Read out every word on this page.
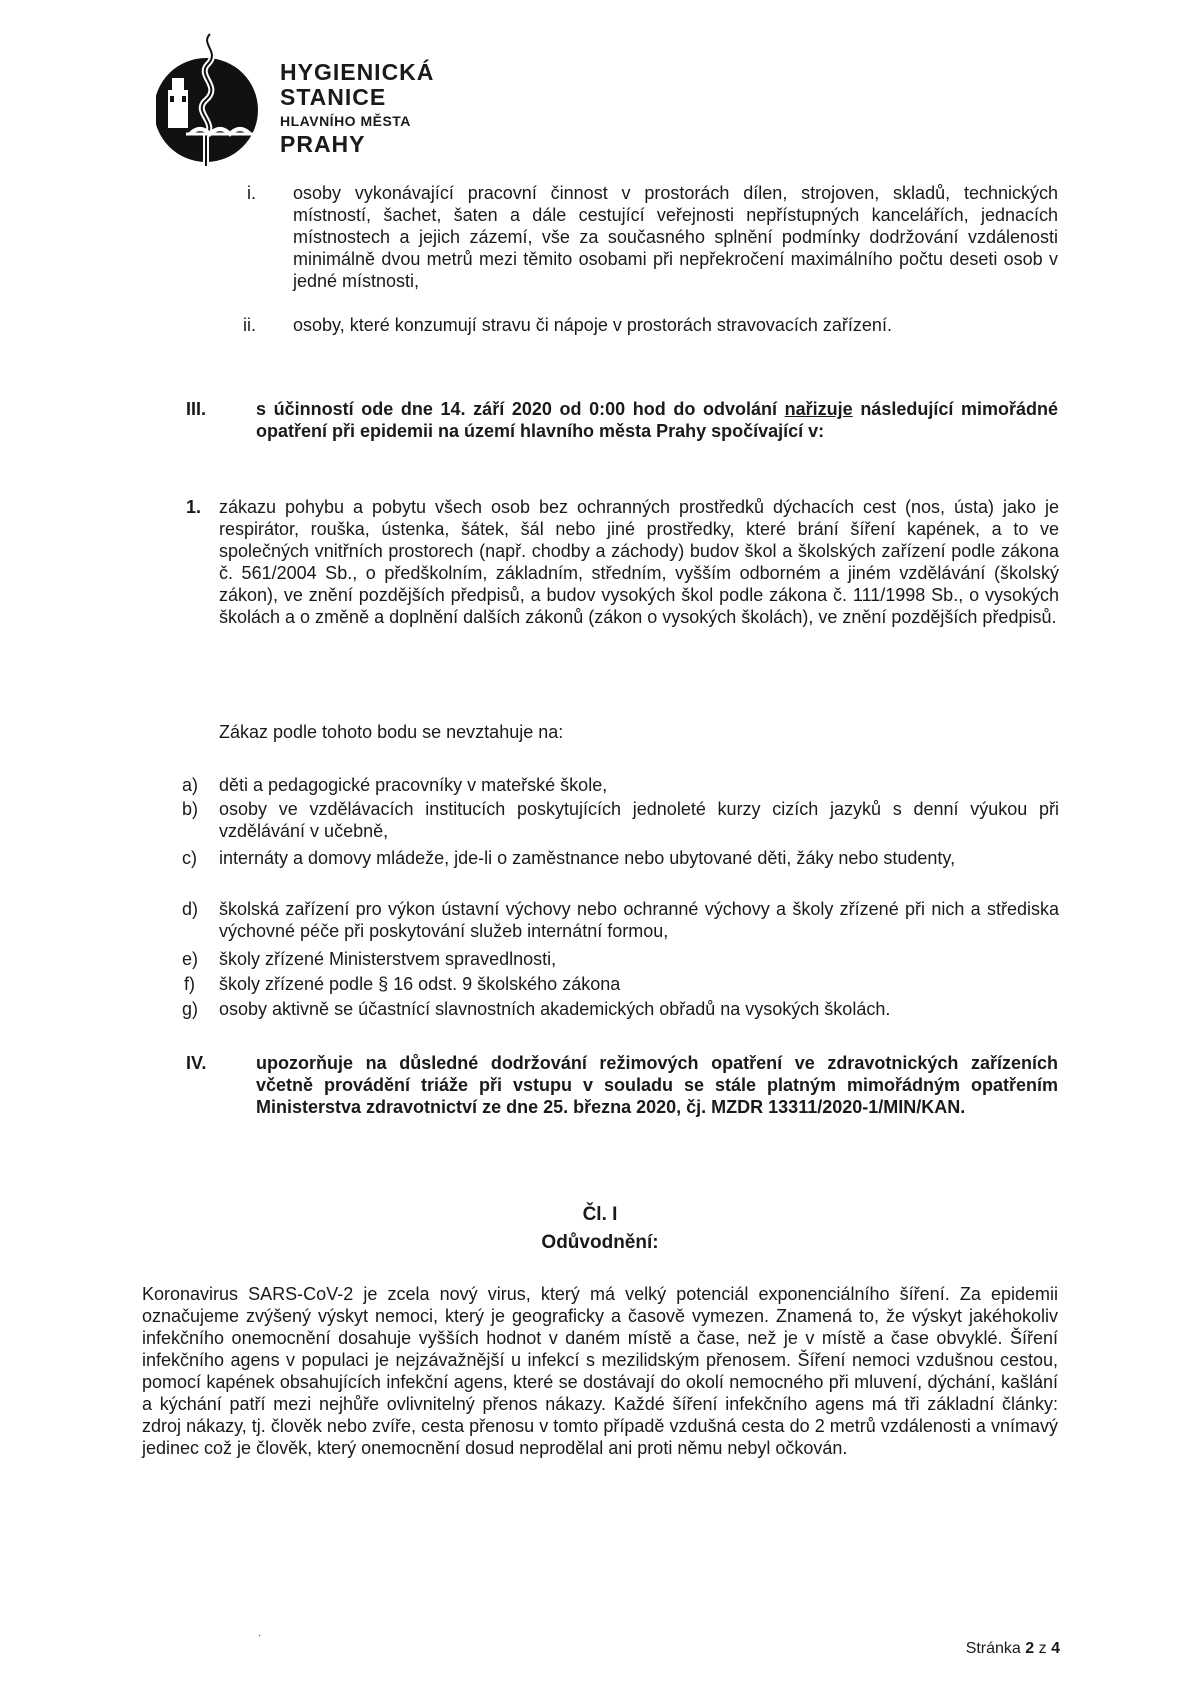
HYGIENICKÁ
STANICE
HLAVNÍHO MĚSTA
PRAHY
i. osoby vykonávající pracovní činnost v prostorách dílen, strojoven, skladů, technických místností, šachet, šaten a dále cestující veřejnosti nepřístupných kancelářích, jednacích místnostech a jejich zázemí, vše za současného splnění podmínky dodržování vzdálenosti minimálně dvou metrů mezi těmito osobami při nepřekročení maximálního počtu deseti osob v jedné místnosti,
ii. osoby, které konzumují stravu či nápoje v prostorách stravovacích zařízení.
III.	s účinností ode dne 14. září 2020 od 0:00 hod do odvolání nařizuje následující mimořádné opatření při epidemii na území hlavního města Prahy spočívající v:
1. zákazu pohybu a pobytu všech osob bez ochranných prostředků dýchacích cest (nos, ústa) jako je respirátor, rouška, ústenka, šátek, šál nebo jiné prostředky, které brání šíření kapének, a to ve společných vnitřních prostorech (např. chodby a záchody) budov škol a školských zařízení podle zákona č. 561/2004 Sb., o předškolním, základním, středním, vyšším odborném a jiném vzdělávání (školský zákon), ve znění pozdějších předpisů, a budov vysokých škol podle zákona č. 111/1998 Sb., o vysokých školách a o změně a doplnění dalších zákonů (zákon o vysokých školách), ve znění pozdějších předpisů.
Zákaz podle tohoto bodu se nevztahuje na:
a) děti a pedagogické pracovníky v mateřské škole,
b) osoby ve vzdělávacích institucích poskytujících jednoleté kurzy cizích jazyků s denní výukou při vzdělávání v učebně,
c) internáty a domovy mládeže, jde-li o zaměstnance nebo ubytované děti, žáky nebo studenty,
d) školská zařízení pro výkon ústavní výchovy nebo ochranné výchovy a školy zřízené při nich a střediska výchovné péče při poskytování služeb internátní formou,
e) školy zřízené Ministerstvem spravedlnosti,
f) školy zřízené podle § 16 odst. 9 školského zákona
g) osoby aktivně se účastnící slavnostních akademických obřadů na vysokých školách.
IV.	upozorňuje na důsledné dodržování režimových opatření ve zdravotnických zařízeních včetně provádění triáže při vstupu v souladu se stále platným mimořádným opatřením Ministerstva zdravotnictví ze dne 25. března 2020, čj. MZDR 13311/2020-1/MIN/KAN.
Čl. I
Odůvodnění:
Koronavirus SARS-CoV-2 je zcela nový virus, který má velký potenciál exponenciálního šíření. Za epidemii označujeme zvýšený výskyt nemoci, který je geograficky a časově vymezen. Znamená to, že výskyt jakéhokoliv infekčního onemocnění dosahuje vyšších hodnot v daném místě a čase, než je v místě a čase obvyklé. Šíření infekčního agens v populaci je nejzávažnější u infekcí s mezilidským přenosem. Šíření nemoci vzdušnou cestou, pomocí kapének obsahujících infekční agens, které se dostávají do okolí nemocného při mluvení, dýchání, kašlání a kýchání patří mezi nejhůře ovlivnitelný přenos nákazy. Každé šíření infekčního agens má tři základní články: zdroj nákazy, tj. člověk nebo zvíře, cesta přenosu v tomto případě vzdušná cesta do 2 metrů vzdálenosti a vnímavý jedinec což je člověk, který onemocnění dosud neprodělal ani proti němu nebyl očkován.
·
Stránka 2 z 4
